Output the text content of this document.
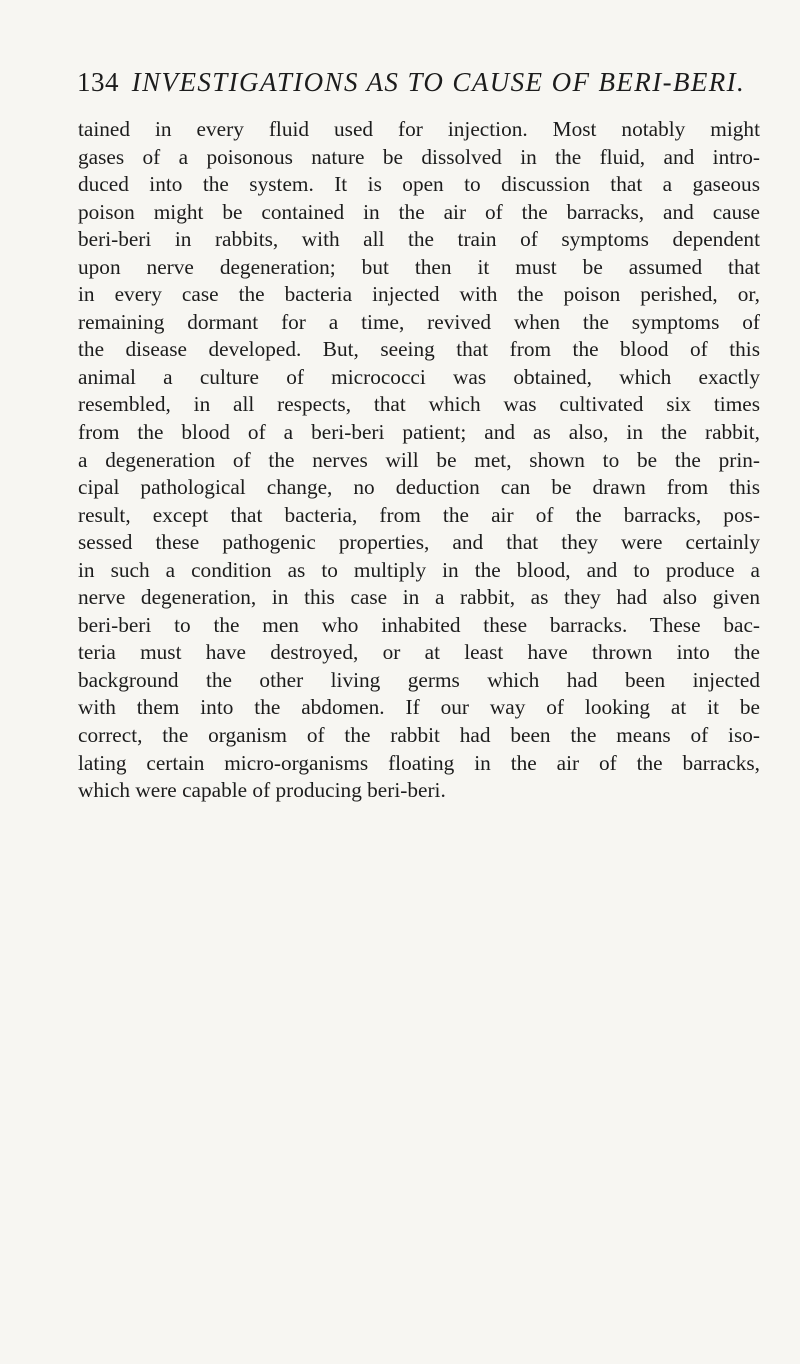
134 INVESTIGATIONS AS TO CAUSE OF BERI-BERI.
tained in every fluid used for injection. Most notably might
gases of a poisonous nature be dissolved in the fluid, and intro-
duced into the system. It is open to discussion that a gaseous
poison might be contained in the air of the barracks, and cause
beri-beri in rabbits, with all the train of symptoms dependent
upon nerve degeneration; but then it must be assumed that
in every case the bacteria injected with the poison perished, or,
remaining dormant for a time, revived when the symptoms of
the disease developed. But, seeing that from the blood of this
animal a culture of micrococci was obtained, which exactly
resembled, in all respects, that which was cultivated six times
from the blood of a beri-beri patient; and as also, in the rabbit,
a degeneration of the nerves will be met, shown to be the prin-
cipal pathological change, no deduction can be drawn from this
result, except that bacteria, from the air of the barracks, pos-
sessed these pathogenic properties, and that they were certainly
in such a condition as to multiply in the blood, and to produce a
nerve degeneration, in this case in a rabbit, as they had also given
beri-beri to the men who inhabited these barracks. These bac-
teria must have destroyed, or at least have thrown into the
background the other living germs which had been injected
with them into the abdomen. If our way of looking at it be
correct, the organism of the rabbit had been the means of iso-
lating certain micro-organisms floating in the air of the barracks,
which were capable of producing beri-beri.
